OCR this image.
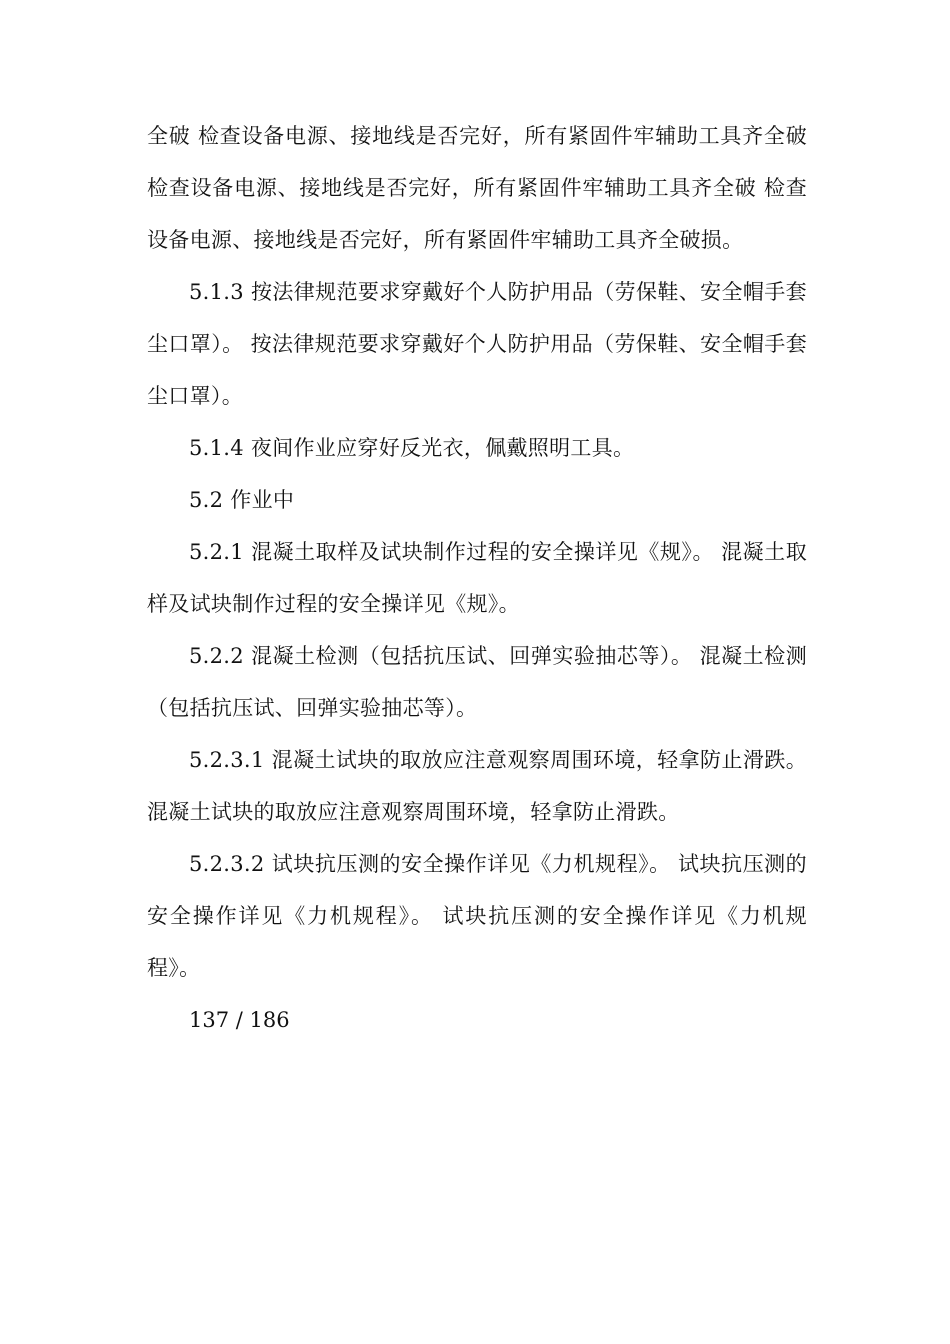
全破 检查设备电源、接地线是否完好，所有紧固件牢辅助工具齐全破 检查设备电源、接地线是否完好，所有紧固件牢辅助工具齐全破 检查设备电源、接地线是否完好，所有紧固件牢辅助工具齐全破损。

5.1.3 按法律规范要求穿戴好个人防护用品（劳保鞋、安全帽手套尘口罩）。 按法律规范要求穿戴好个人防护用品（劳保鞋、安全帽手套尘口罩）。

5.1.4 夜间作业应穿好反光衣，佩戴照明工具。

5.2 作业中

5.2.1 混凝土取样及试块制作过程的安全操详见《规》。 混凝土取样及试块制作过程的安全操详见《规》。

5.2.2 混凝土检测（包括抗压试、回弹实验抽芯等）。 混凝土检测（包括抗压试、回弹实验抽芯等）。

5.2.3.1 混凝土试块的取放应注意观察周围环境，轻拿防止滑跌。 混凝土试块的取放应注意观察周围环境，轻拿防止滑跌。

5.2.3.2 试块抗压测的安全操作详见《力机规程》。 试块抗压测的安全操作详见《力机规程》。 试块抗压测的安全操作详见《力机规程》。

137 / 186
